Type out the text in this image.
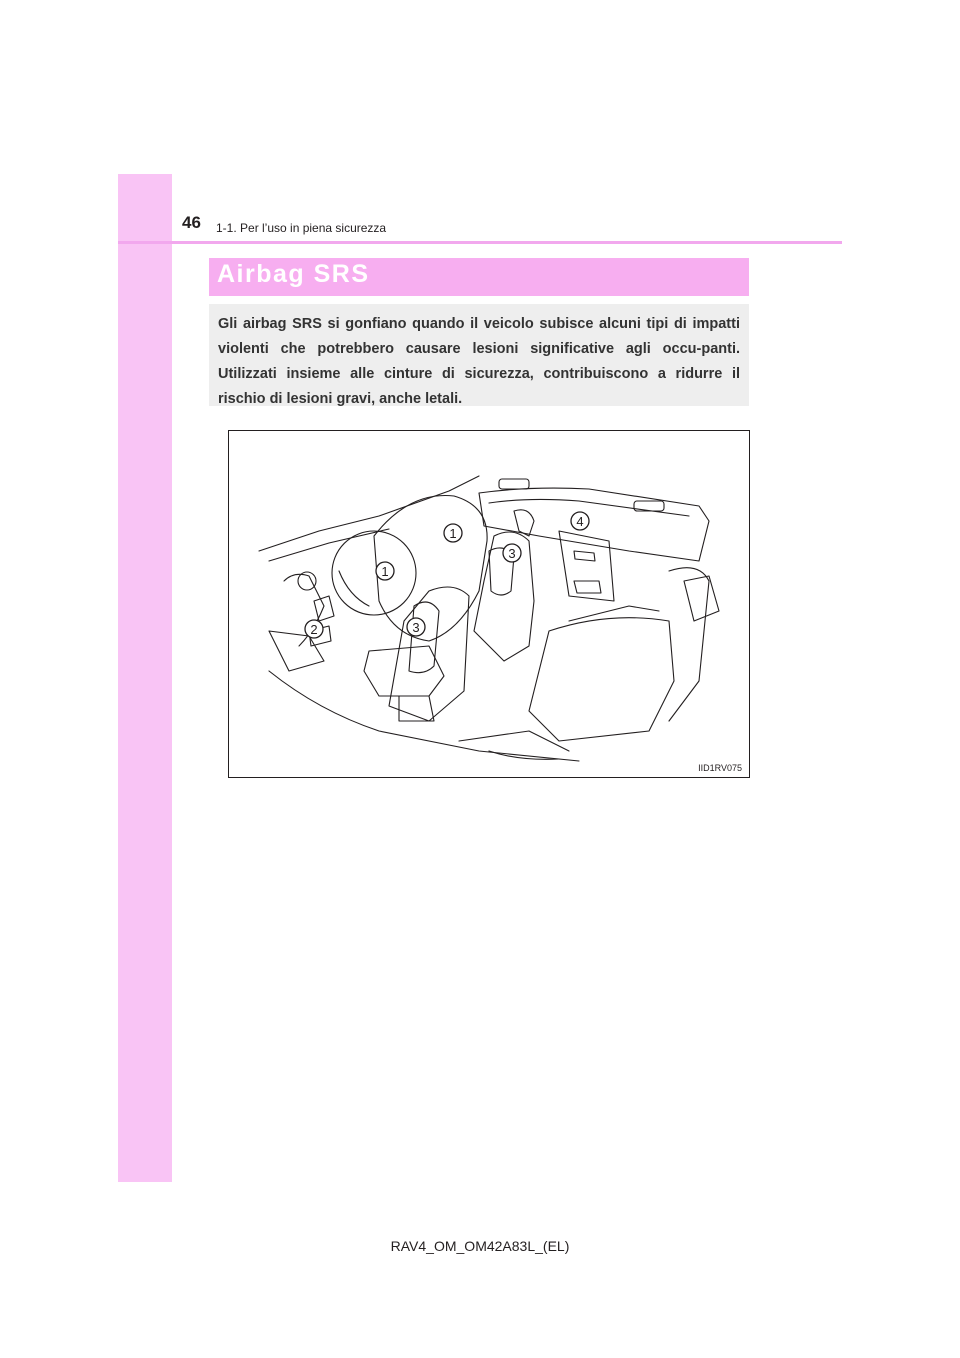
46 1-1. Per l’uso in piena sicurezza
Airbag SRS

Gli airbag SRS si gonfiano quando il veicolo subisce alcuni tipi di impatti violenti che potrebbero causare lesioni significative agli occu-panti. Utilizzati insieme alle cinture di sicurezza, contribuiscono a ridurre il rischio di lesioni gravi, anche letali.

1
1
2
3
3
4
IID1RV075
RAV4_OM_OM42A83L_(EL)
